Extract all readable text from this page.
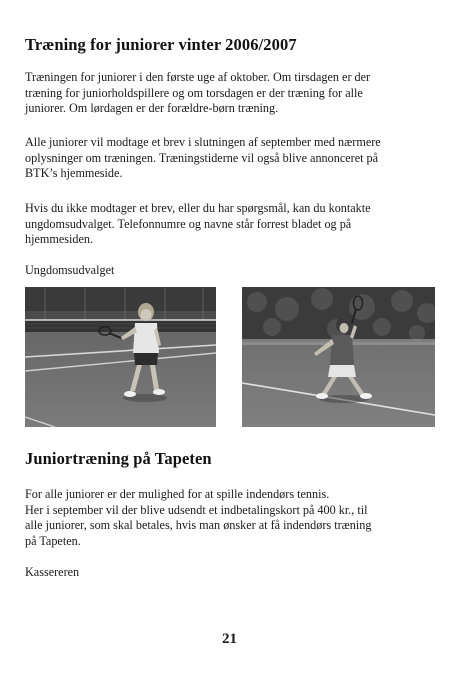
Træning for juniorer vinter 2006/2007

Træningen for juniorer i den første uge af oktober. Om tirsdagen er der
træning for juniorholdspillere og om torsdagen er der træning for alle
juniorer. Om lørdagen er der forældre-børn træning.

Alle juniorer vil modtage et brev i slutningen af september med nærmere
oplysninger om træningen. Træningstiderne vil også blive annonceret på
BTK’s hjemmeside.

Hvis du ikke modtager et brev, eller du har spørgsmål, kan du kontakte
ungdomsudvalget. Telefonnumre og navne står forrest bladet og på
hjemmesiden.

Ungdomsudvalget

Juniortræning på Tapeten

For alle juniorer er der mulighed for at spille indendørs tennis.
Her i september vil der blive udsendt et indbetalingskort på 400 kr., til
alle juniorer, som skal betales, hvis man ønsker at få indendørs træning
på Tapeten.

Kassereren

21
